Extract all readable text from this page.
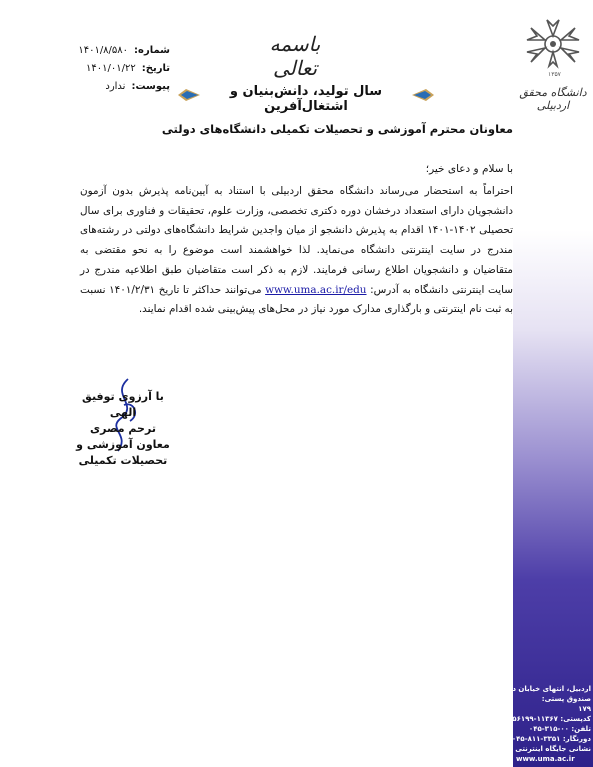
۱۳۵۷
دانشگاه محقق اردبیلی
باسمه تعالی
سال تولید، دانش‌بنیان و اشتغال‌آفرین
شماره:
۱۴۰۱/۸/۵۸۰
تاریخ:
۱۴۰۱/۰۱/۲۲
پیوست:
ندارد
معاونان محترم آموزشی و تحصیلات تکمیلی دانشگاه‌های دولتی
با سلام و دعای خیر؛

احتراماً به استحضار می‌رساند دانشگاه محقق اردبیلی با استناد به آیین‌نامه پذیرش بدون آزمون دانشجویان دارای استعداد درخشان دوره دکتری تخصصی، وزارت علوم، تحقیقات و فناوری برای سال تحصیلی ۱۴۰۲-۱۴۰۱ اقدام به پذیرش دانشجو از میان واجدین شرایط دانشگاه‌های دولتی در رشته‌های مندرج در سایت اینترنتی دانشگاه می‌نماید. لذا خواهشمند است موضوع را به نحو مقتضی به متقاضیان و دانشجویان اطلاع رسانی فرمایند. لازم به ذکر است متقاضیان طبق اطلاعیه مندرج در سایت اینترنتی دانشگاه به آدرس: www.uma.ac.ir/edu می‌توانند حداکثر تا تاریخ ۱۴۰۱/۲/۳۱ نسبت به ثبت نام اینترنتی و بارگذاری مدارک مورد نیاز در محل‌های پیش‌بینی شده اقدام نمایند.

با آرزوی توفیق الهی
ترحم مصری
معاون آموزشی و
تحصیلات تکمیلی
اردبیل، انتهای خیابان دانشگاه
صندوق پستی:
۱۷۹
کدپستی: ۱۱۳۶۷-۵۶۱۹۹
تلفن: ۰۰-۳۱۵-۰۴۵
دورنگار: ۳۳۵۱-۸۱۱-۰۴۵
نشانی جایگاه اینترنتی دانشگاه
www.uma.ac.ir
